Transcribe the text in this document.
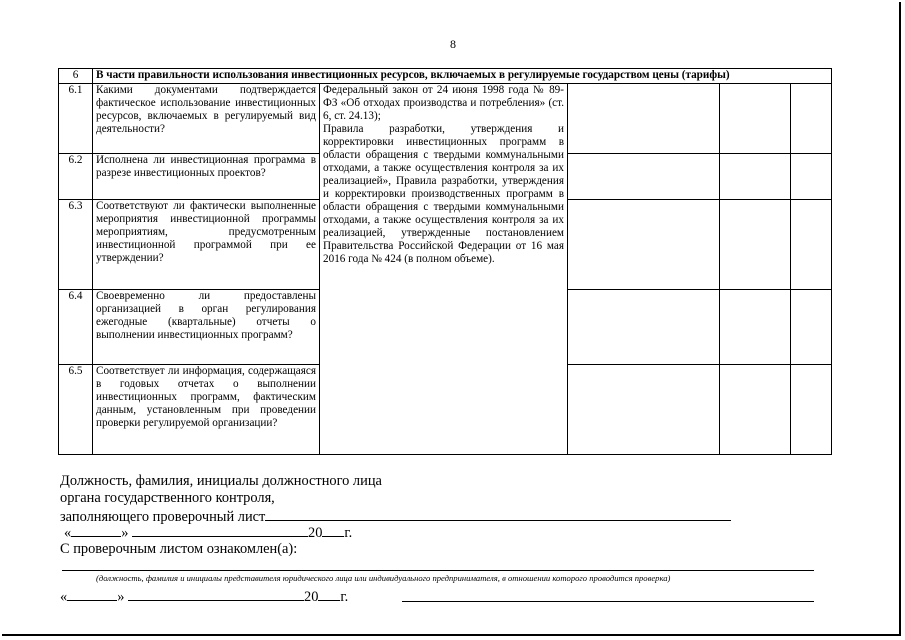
8
6	В части правильности использования инвестиционных ресурсов, включаемых в регулируемые государством цены (тарифы)				
6.1	Какими документами подтверждается фактическое использование инвестиционных ресурсов, включаемых в регулируемый вид деятельности?	Федеральный закон от 24 июня 1998 года № 89-ФЗ «Об отходах производства и потребления» (ст. 6, ст. 24.13);

Правила разработки, утверждения и корректировки инвестиционных программ в области обращения с твердыми коммунальными отходами, а также осуществления контроля за их реализацией», Правила разработки, утверждения и корректировки производственных программ в области обращения с твердыми коммунальными отходами, а также осуществления контроля за их реализацией, утвержденные постановлением Правительства Российской Федерации от 16 мая 2016 года № 424 (в полном объеме).			

6.2	Исполнена ли инвестиционная программа в разрезе инвестиционных проектов?				
6.3	Соответствуют ли фактически выполненные мероприятия инвестиционной программы мероприятиям, предусмотренным инвестиционной программой при ее утверждении?				
6.4	Своевременно ли предоставлены организацией в орган регулирования ежегодные (квартальные) отчеты о выполнении инвестиционных программ?				
6.5	Соответствует ли информация, содержащаяся в годовых отчетах о выполнении инвестиционных программ, фактическим данным, установленным при проведении проверки регулируемой организации?				
Должность, фамилия, инициалы должностного лица
органа государственного контроля,
заполняющего проверочный лист
«	»	20 г.
С проверочным листом ознакомлен(а):
(должность, фамилия и инициалы представителя юридического лица или индивидуального предпринимателя, в отношении которого проводится проверка)
«	»	20 г.
